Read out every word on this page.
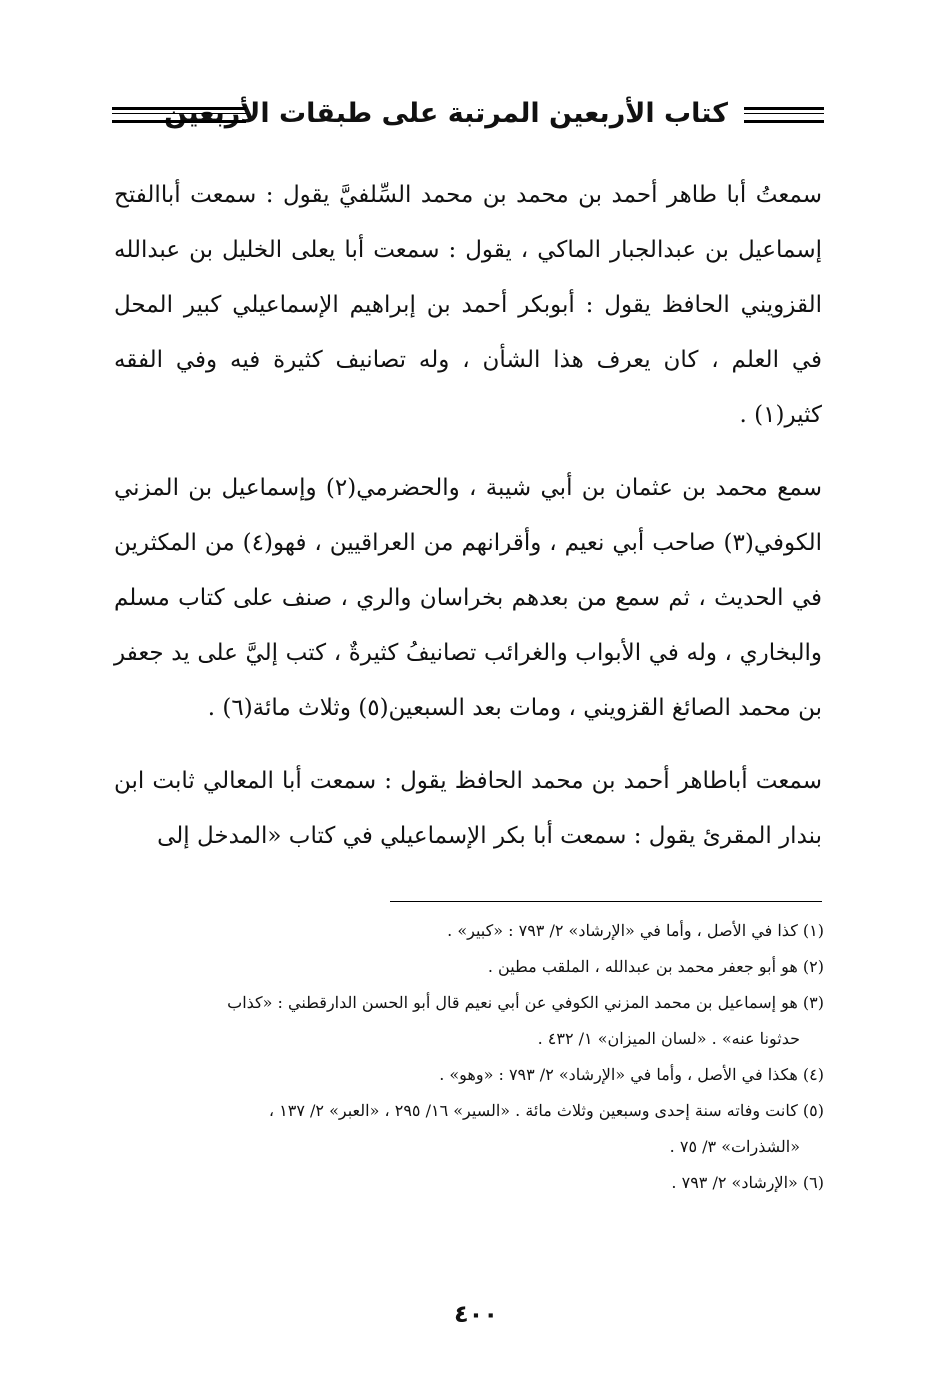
كتاب الأربعين المرتبة على طبقات الأربعين

سمعتُ أبا طاهر أحمد بن محمد بن محمد السِّلفيَّ يقول : سمعت أباالفتح إسماعيل بن عبدالجبار الماكي ، يقول : سمعت أبا يعلى الخليل بن عبدالله القزويني الحافظ يقول : أبوبكر أحمد بن إبراهيم الإسماعيلي كبير المحل في العلم ، كان يعرف هذا الشأن ، وله تصانيف كثيرة فيه وفي الفقه كثير(١) .

سمع محمد بن عثمان بن أبي شيبة ، والحضرمي(٢) وإسماعيل بن المزني الكوفي(٣) صاحب أبي نعيم ، وأقرانهم من العراقيين ، فهو(٤) من المكثرين في الحديث ، ثم سمع من بعدهم بخراسان والري ، صنف على كتاب مسلم والبخاري ، وله في الأبواب والغرائب تصانيفُ كثيرةٌ ، كتب إليَّ على يد جعفر بن محمد الصائغ القزويني ، ومات بعد السبعين(٥) وثلاث مائة(٦) .

سمعت أباطاهر أحمد بن محمد الحافظ يقول : سمعت أبا المعالي ثابت ابن بندار المقرئ يقول : سمعت أبا بكر الإسماعيلي في كتاب «المدخل إلى

(١) كذا في الأصل ، وأما في «الإرشاد» ٢/ ٧٩٣ : «كبير» .

(٢) هو أبو جعفر محمد بن عبدالله ، الملقب مطين .

(٣) هو إسماعيل بن محمد المزني الكوفي عن أبي نعيم قال أبو الحسن الدارقطني : «كذاب

حدثونا عنه» . «لسان الميزان» ١/ ٤٣٢ .

(٤) هكذا في الأصل ، وأما في «الإرشاد» ٢/ ٧٩٣ : «وهو» .

(٥) كانت وفاته سنة إحدى وسبعين وثلاث مائة . «السير» ١٦/ ٢٩٥ ، «العبر» ٢/ ١٣٧ ،

«الشذرات» ٣/ ٧٥ .

(٦) «الإرشاد» ٢/ ٧٩٣ .

٤٠٠
